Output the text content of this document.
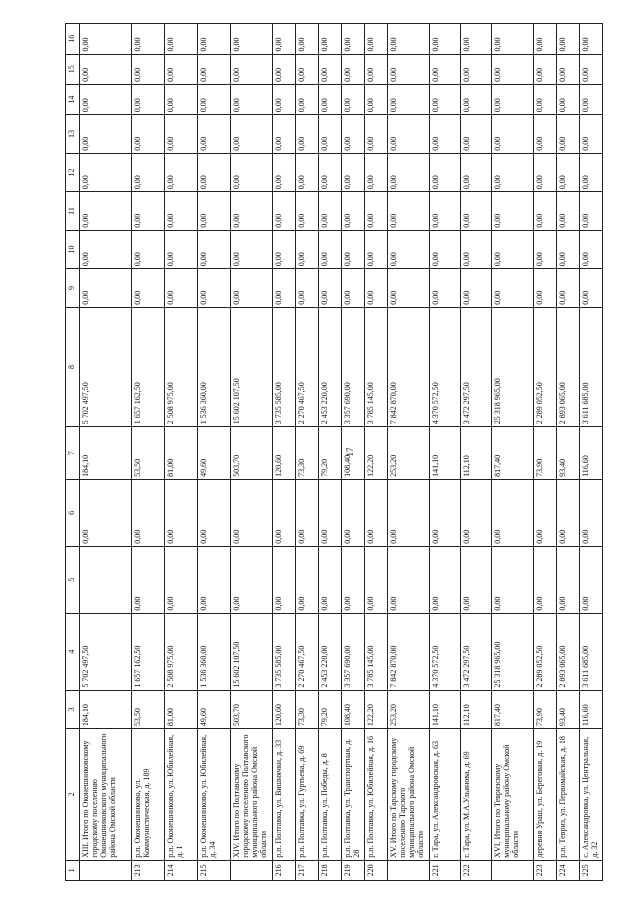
17
1	2	3	4	5	6	7	8	9	10	11	12	13	14	15	16
	XIII. Итого по Оконешниковскому городскому поселению Оконешниковского муниципального района Омской области	184,10	5 702 497,50		0,00	184,10	5 702 497,50	0,00	0,00	0,00	0,00	0,00	0,00	0,00	0,00
213	р.п. Оконешниково, ул. Коммунистическая, д. 189	53,50	1 657 162,50	0,00	0,00	53,50	1 657 162,50	0,00	0,00	0,00	0,00	0,00	0,00	0,00	0,00
214	р.п. Оконешниково, ул. Юбилейная, д. 1	81,00	2 508 975,00	0,00	0,00	81,00	2 508 975,00	0,00	0,00	0,00	0,00	0,00	0,00	0,00	0,00
215	р.п. Оконешниково, ул. Юбилейная, д. 34	49,60	1 536 360,00	0,00	0,00	49,60	1 536 360,00	0,00	0,00	0,00	0,00	0,00	0,00	0,00	0,00
	XIV. Итого по Полтавскому городскому поселению Полтавского муниципального района Омской области	503,70	15 602 107,50	0,00	0,00	503,70	15 602 107,50	0,00	0,00	0,00	0,00	0,00	0,00	0,00	0,00
216	р.п. Полтавка, ул. Вишнячки, д. 33	120,60	3 735 585,00	0,00	0,00	120,60	3 735 585,00	0,00	0,00	0,00	0,00	0,00	0,00	0,00	0,00
217	р.п. Полтавка, ул. Гуртьева, д. 69	73,30	2 270 467,50	0,00	0,00	73,30	2 270 467,50	0,00	0,00	0,00	0,00	0,00	0,00	0,00	0,00
218	р.п. Полтавка, ул. Победы, д. 8	79,20	2 453 220,00	0,00	0,00	79,20	2 453 220,00	0,00	0,00	0,00	0,00	0,00	0,00	0,00	0,00
219	р.п. Полтавка, ул. Транспортная, д. 28	108,40	3 357 690,00	0,00	0,00	108,40	3 357 690,00	0,00	0,00	0,00	0,00	0,00	0,00	0,00	0,00
220	р.п. Полтавка, ул. Юбилейная, д. 16	122,20	3 785 145,00	0,00	0,00	122,20	3 785 145,00	0,00	0,00	0,00	0,00	0,00	0,00	0,00	0,00
	XV. Итого по Тарскому городскому поселению Тарского муниципального района Омской области	253,20	7 842 870,00	0,00	0,00	253,20	7 842 870,00	0,00	0,00	0,00	0,00	0,00	0,00	0,00	0,00
221	г. Тара, ул. Александровская, д. 63	141,10	4 370 572,50	0,00	0,00	141,10	4 370 572,50	0,00	0,00	0,00	0,00	0,00	0,00	0,00	0,00
222	г. Тара, ул. М.А.Ульянова, д. 69	112,10	3 472 297,50	0,00	0,00	112,10	3 472 297,50	0,00	0,00	0,00	0,00	0,00	0,00	0,00	0,00
	XVI. Итого по Тевризскому муниципальному району Омской области	817,40	25 318 965,00	0,00	0,00	817,40	25 318 965,00	0,00	0,00	0,00	0,00	0,00	0,00	0,00	0,00
223	деревня Ураш, ул. Береговая, д. 19	73,90	2 289 052,50	0,00	0,00	73,90	2 289 052,50	0,00	0,00	0,00	0,00	0,00	0,00	0,00	0,00
224	р.п. Тевриз, ул. Первомайская, д. 18	93,40	2 893 065,00	0,00	0,00	93,40	2 893 065,00	0,00	0,00	0,00	0,00	0,00	0,00	0,00	0,00
225	с. Александровка, ул. Центральная, д. 32	116,60	3 611 685,00	0,00	0,00	116,60	3 611 685,00	0,00	0,00	0,00	0,00	0,00	0,00	0,00	0,00
